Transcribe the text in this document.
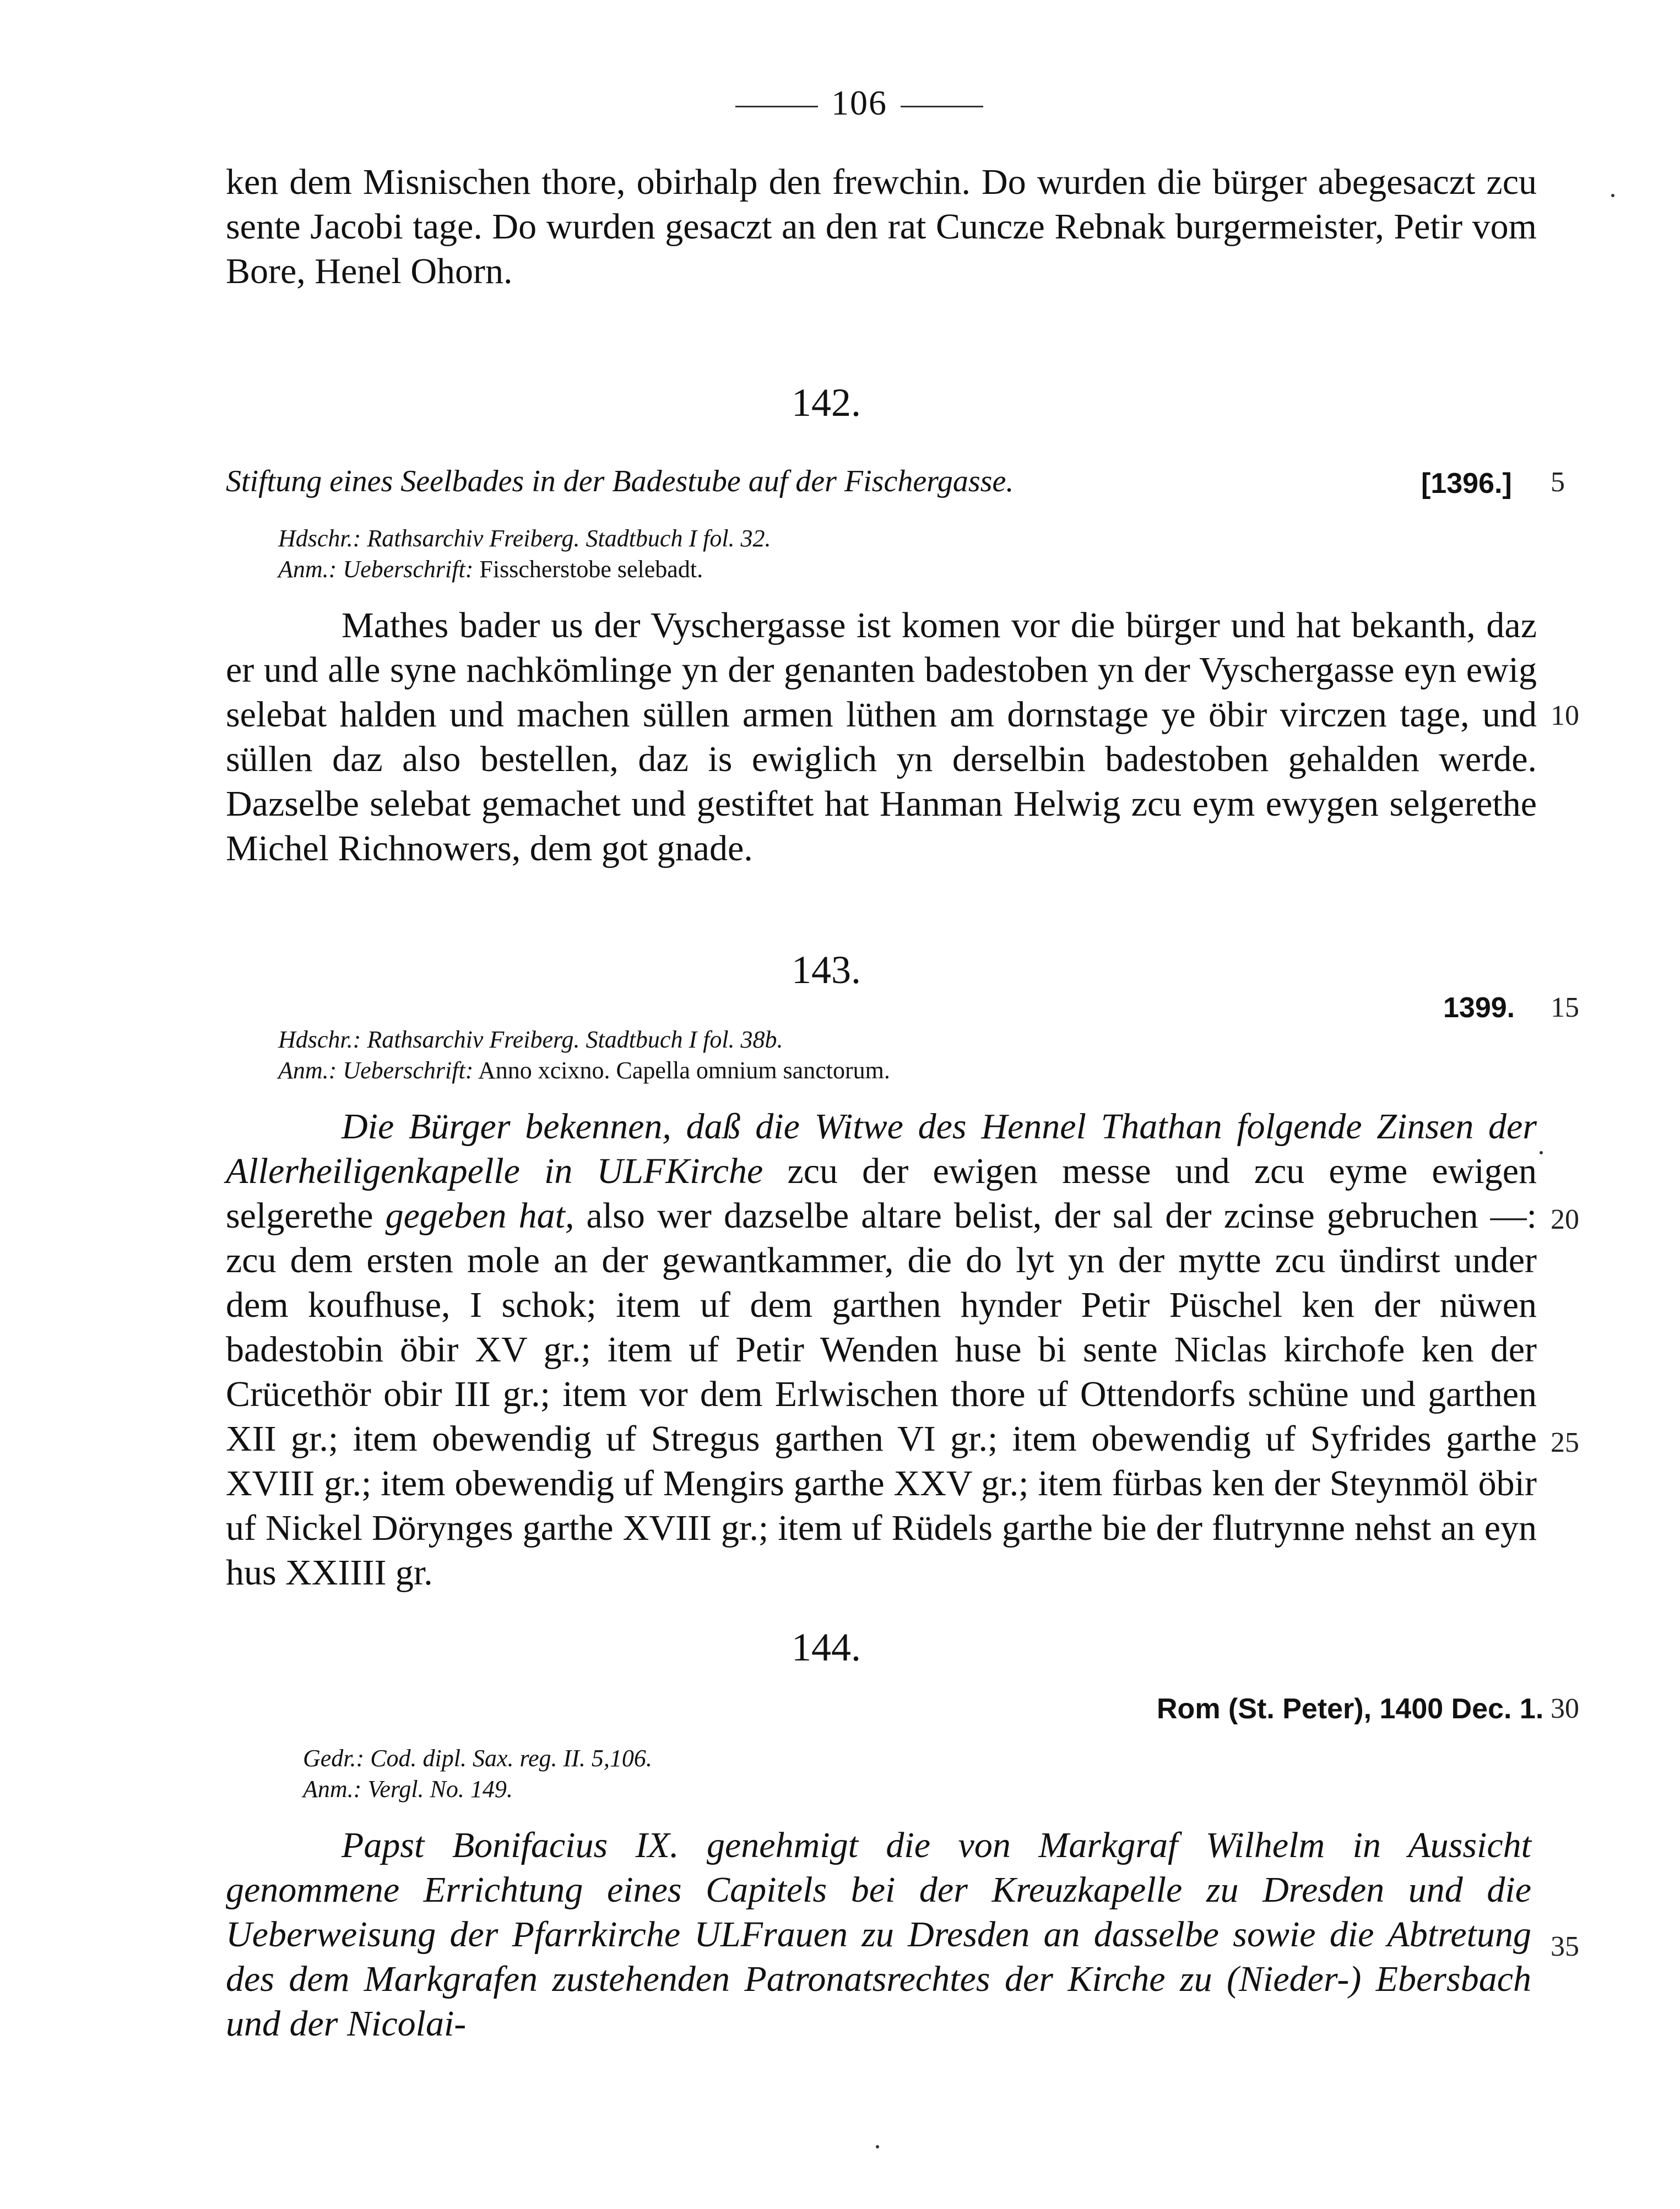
106
ken dem Misnischen thore, obirhalp den frewchin. Do wurden die bürger abegesaczt zcu sente Jacobi tage. Do wurden gesaczt an den rat Cuncze Rebnak burgermeister, Petir vom Bore, Henel Ohorn.
142.
Stiftung eines Seelbades in der Badestube auf der Fischergasse.	[1396.] 5
Hdschr.: Rathsarchiv Freiberg. Stadtbuch I fol. 32.
Anm.: Ueberschrift: Fisscherstobe selebadt.
Mathes bader us der Vyschergasse ist komen vor die bürger und hat bekanth, daz er und alle syne nachkömlinge yn der genanten badestoben yn der Vyschergasse eyn ewig selebat halden und machen süllen armen lüthen am dornstage ye öbir virczen tage, und süllen daz also bestellen, daz is ewiglich yn derselbin badestoben gehalden werde. Dazselbe selebat gemachet und gestiftet hat Hanman Helwig zcu eym ewygen selgerethe Michel Richnowers, dem got gnade.
10
143.
1399. 15
Hdschr.: Rathsarchiv Freiberg. Stadtbuch I fol. 38b.
Anm.: Ueberschrift: Anno xcixno. Capella omnium sanctorum.
Die Bürger bekennen, daß die Witwe des Hennel Thathan folgende Zinsen der Allerheiligenkapelle in ULFKirche zcu der ewigen messe und zcu eyme ewigen selgerethe gegeben hat, also wer dazselbe altare belist, der sal der zcinse gebruchen —: zcu dem ersten mole an der gewantkammer, die do lyt yn der mytte zcu ündirst under dem koufhuse, I schok; item uf dem garthen hynder Petir Püschel ken der nüwen badestobin öbir XV gr.; item uf Petir Wenden huse bi sente Niclas kirchofe ken der Crücethör obir III gr.; item vor dem Erlwischen thore uf Ottendorfs schüne und garthen XII gr.; item obewendig uf Stregus garthen VI gr.; item obewendig uf Syfrides garthe XVIII gr.; item obewendig uf Mengirs garthe XXV gr.; item fürbas ken der Steynmöl öbir uf Nickel Dörynges garthe XVIII gr.; item uf Rüdels garthe bie der flutrynne nehst an eyn hus XXIIII gr.
20
25
144.
Rom (St. Peter), 1400 Dec. 1. 30
Gedr.: Cod. dipl. Sax. reg. II. 5,106.
Anm.: Vergl. No. 149.
Papst Bonifacius IX. genehmigt die von Markgraf Wilhelm in Aussicht genommene Errichtung eines Capitels bei der Kreuzkapelle zu Dresden und die Ueberweisung der Pfarrkirche ULFrauen zu Dresden an dasselbe sowie die Abtretung des dem Markgrafen zustehenden Patronatsrechtes der Kirche zu (Nieder-) Ebersbach und der Nicolai-
35
